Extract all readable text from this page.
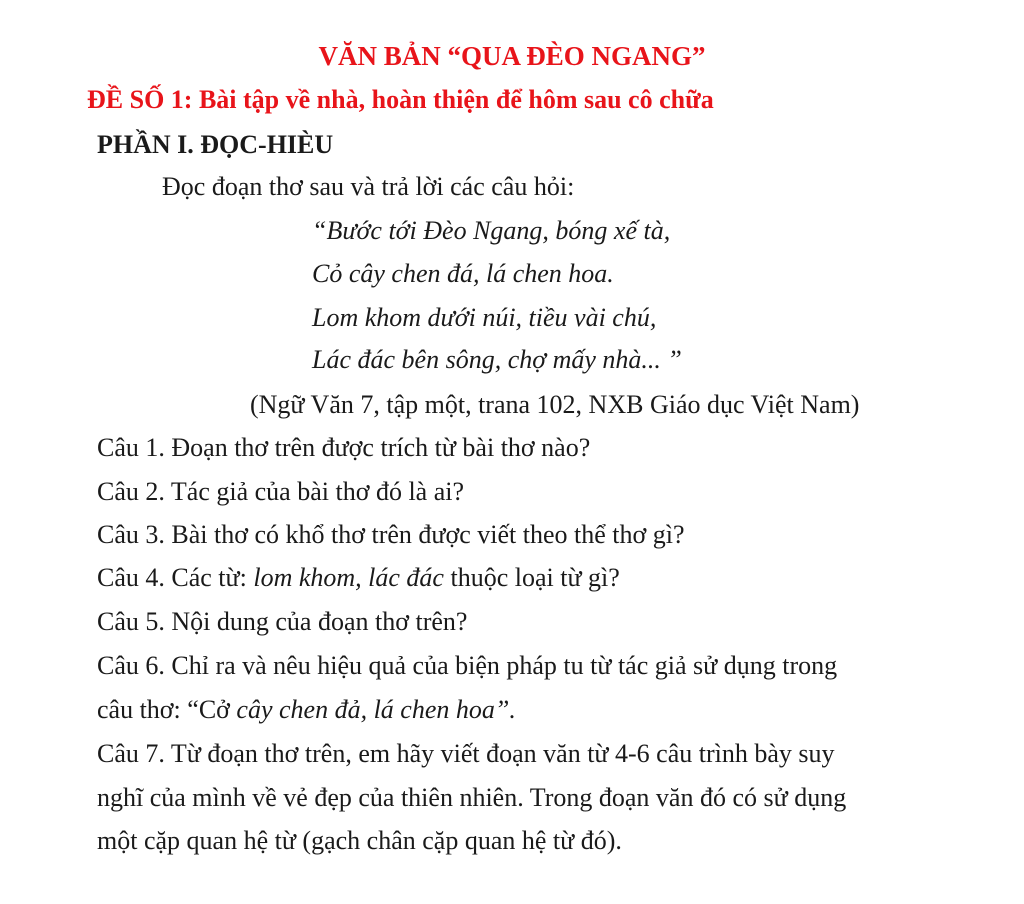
VĂN BẢN “QUA ĐÈO NGANG”
ĐỀ SỐ 1: Bài tập về nhà, hoàn thiện để hôm sau cô chữa
PHẦN I. ĐỌC-HIÈU
Đọc đoạn thơ sau và trả lời các câu hỏi:
“Bước tới Đèo Ngang, bóng xế tà,
Cỏ cây chen đá, lá chen hoa.
Lom khom dưới núi, tiều vài chú,
Lác đác bên sông, chợ mấy nhà... ”
(Ngữ Văn 7, tập một, trana 102, NXB Giáo dục Việt Nam)
Câu 1. Đoạn thơ trên được trích từ bài thơ nào?
Câu 2. Tác giả của bài thơ đó là ai?
Câu 3. Bài thơ có khổ thơ trên được viết theo thể thơ gì?
Câu 4. Các từ: lom khom, lác đác thuộc loại từ gì?
Câu 5. Nội dung của đoạn thơ trên?
Câu 6. Chỉ ra và nêu hiệu quả của biện pháp tu từ tác giả sử dụng trong
câu thơ: “Cở cây chen đả, lá chen hoa”.
Câu 7. Từ đoạn thơ trên, em hãy viết đoạn văn từ 4-6 câu trình bày suy
nghĩ của mình về vẻ đẹp của thiên nhiên. Trong đoạn văn đó có sử dụng
một cặp quan hệ từ (gạch chân cặp quan hệ từ đó).
